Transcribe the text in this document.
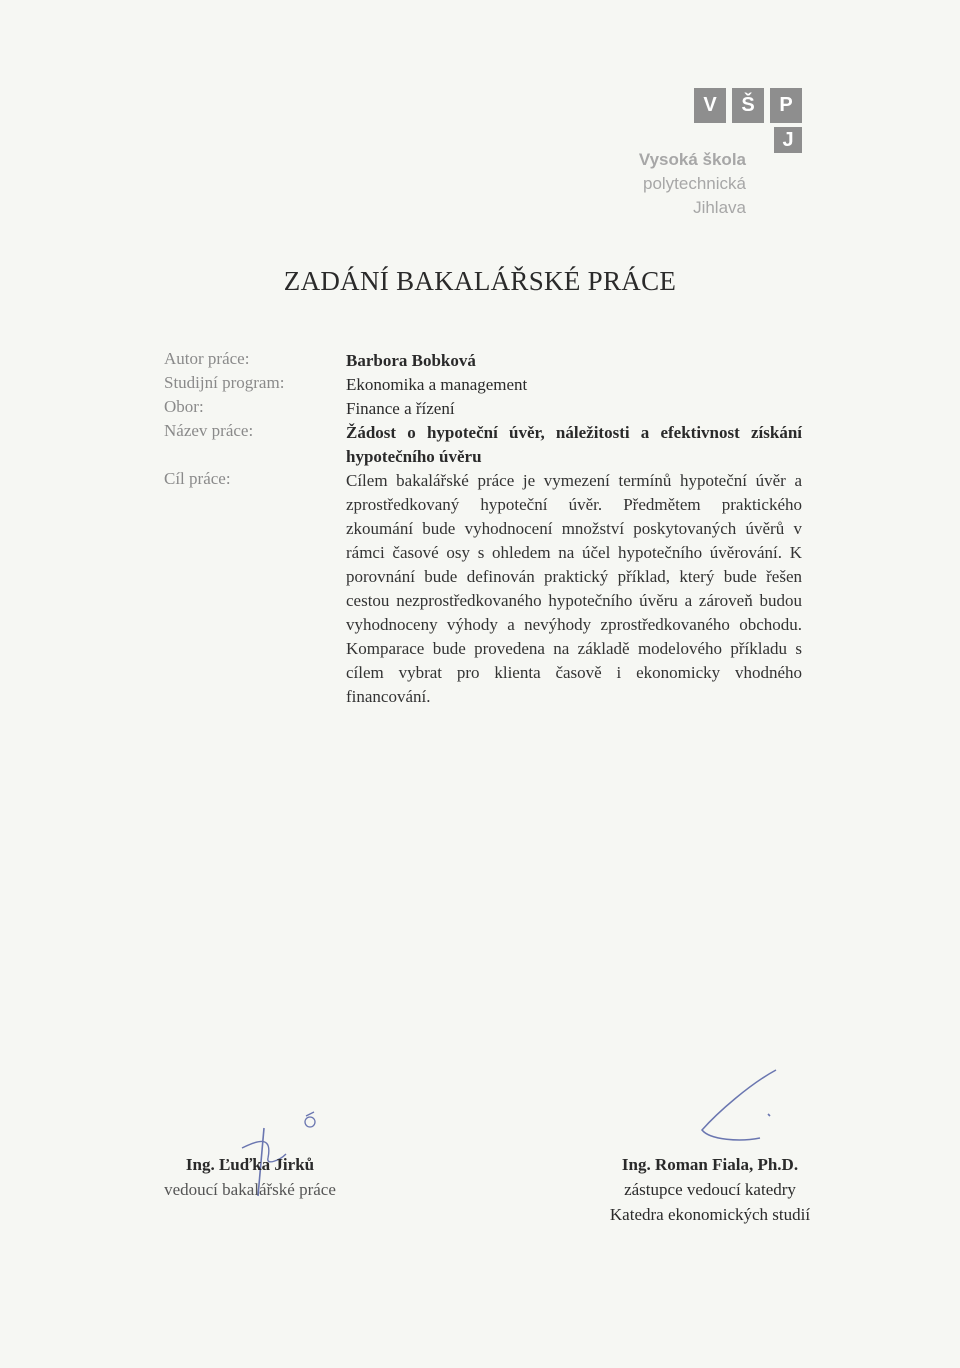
V	Š	P
J
Vysoká škola
polytechnická
Jihlava
ZADÁNÍ BAKALÁŘSKÉ PRÁCE
Autor práce:
Studijní program:
Obor:
Název práce:
Cíl práce:
Barbora Bobková
Ekonomika a management
Finance a řízení
Žádost o hypoteční úvěr, náležitosti a efektivnost získání hypotečního úvěru
Cílem bakalářské práce je vymezení termínů hypoteční úvěr a zprostředkovaný hypoteční úvěr. Předmětem praktického zkoumání bude vyhodnocení množství poskytovaných úvěrů v rámci časové osy s ohledem na účel hypotečního úvěrování. K porovnání bude definován praktický příklad, který bude řešen cestou nezprostředkovaného hypotečního úvěru a zároveň budou vyhodnoceny výhody a nevýhody zprostředkovaného obchodu. Komparace bude provedena na základě modelového příkladu s cílem vybrat pro klienta časově i ekonomicky vhodného financování.
Ing. Ľuďka Jirků
vedoucí bakalářské práce
Ing. Roman Fiala, Ph.D.
zástupce vedoucí katedry
Katedra ekonomických studií
